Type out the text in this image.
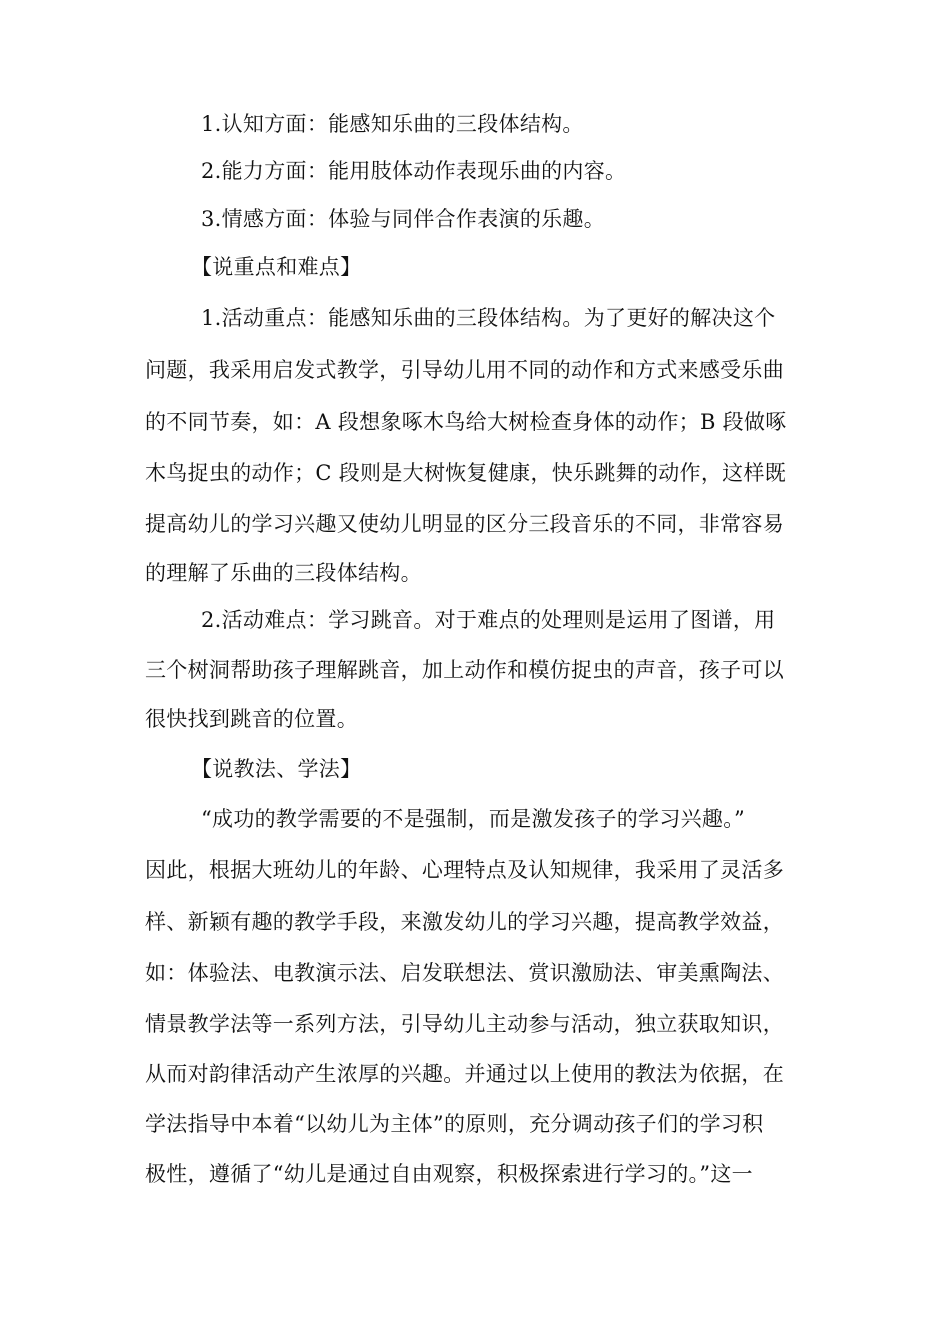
1.认知方面：能感知乐曲的三段体结构。
2.能力方面：能用肢体动作表现乐曲的内容。
3.情感方面：体验与同伴合作表演的乐趣。
【说重点和难点】
1.活动重点：能感知乐曲的三段体结构。为了更好的解决这个
问题，我采用启发式教学，引导幼儿用不同的动作和方式来感受乐曲
的不同节奏，如：A 段想象啄木鸟给大树检查身体的动作；B 段做啄
木鸟捉虫的动作；C 段则是大树恢复健康，快乐跳舞的动作，这样既
提高幼儿的学习兴趣又使幼儿明显的区分三段音乐的不同，非常容易
的理解了乐曲的三段体结构。
2.活动难点：学习跳音。对于难点的处理则是运用了图谱，用
三个树洞帮助孩子理解跳音，加上动作和模仿捉虫的声音，孩子可以
很快找到跳音的位置。
【说教法、学法】
“成功的教学需要的不是强制，而是激发孩子的学习兴趣。”
因此，根据大班幼儿的年龄、心理特点及认知规律，我采用了灵活多
样、新颖有趣的教学手段，来激发幼儿的学习兴趣，提高教学效益，
如：体验法、电教演示法、启发联想法、赏识激励法、审美熏陶法、
情景教学法等一系列方法，引导幼儿主动参与活动，独立获取知识，
从而对韵律活动产生浓厚的兴趣。并通过以上使用的教法为依据，在
学法指导中本着“以幼儿为主体”的原则，充分调动孩子们的学习积
极性，遵循了“幼儿是通过自由观察，积极探索进行学习的。”这一
